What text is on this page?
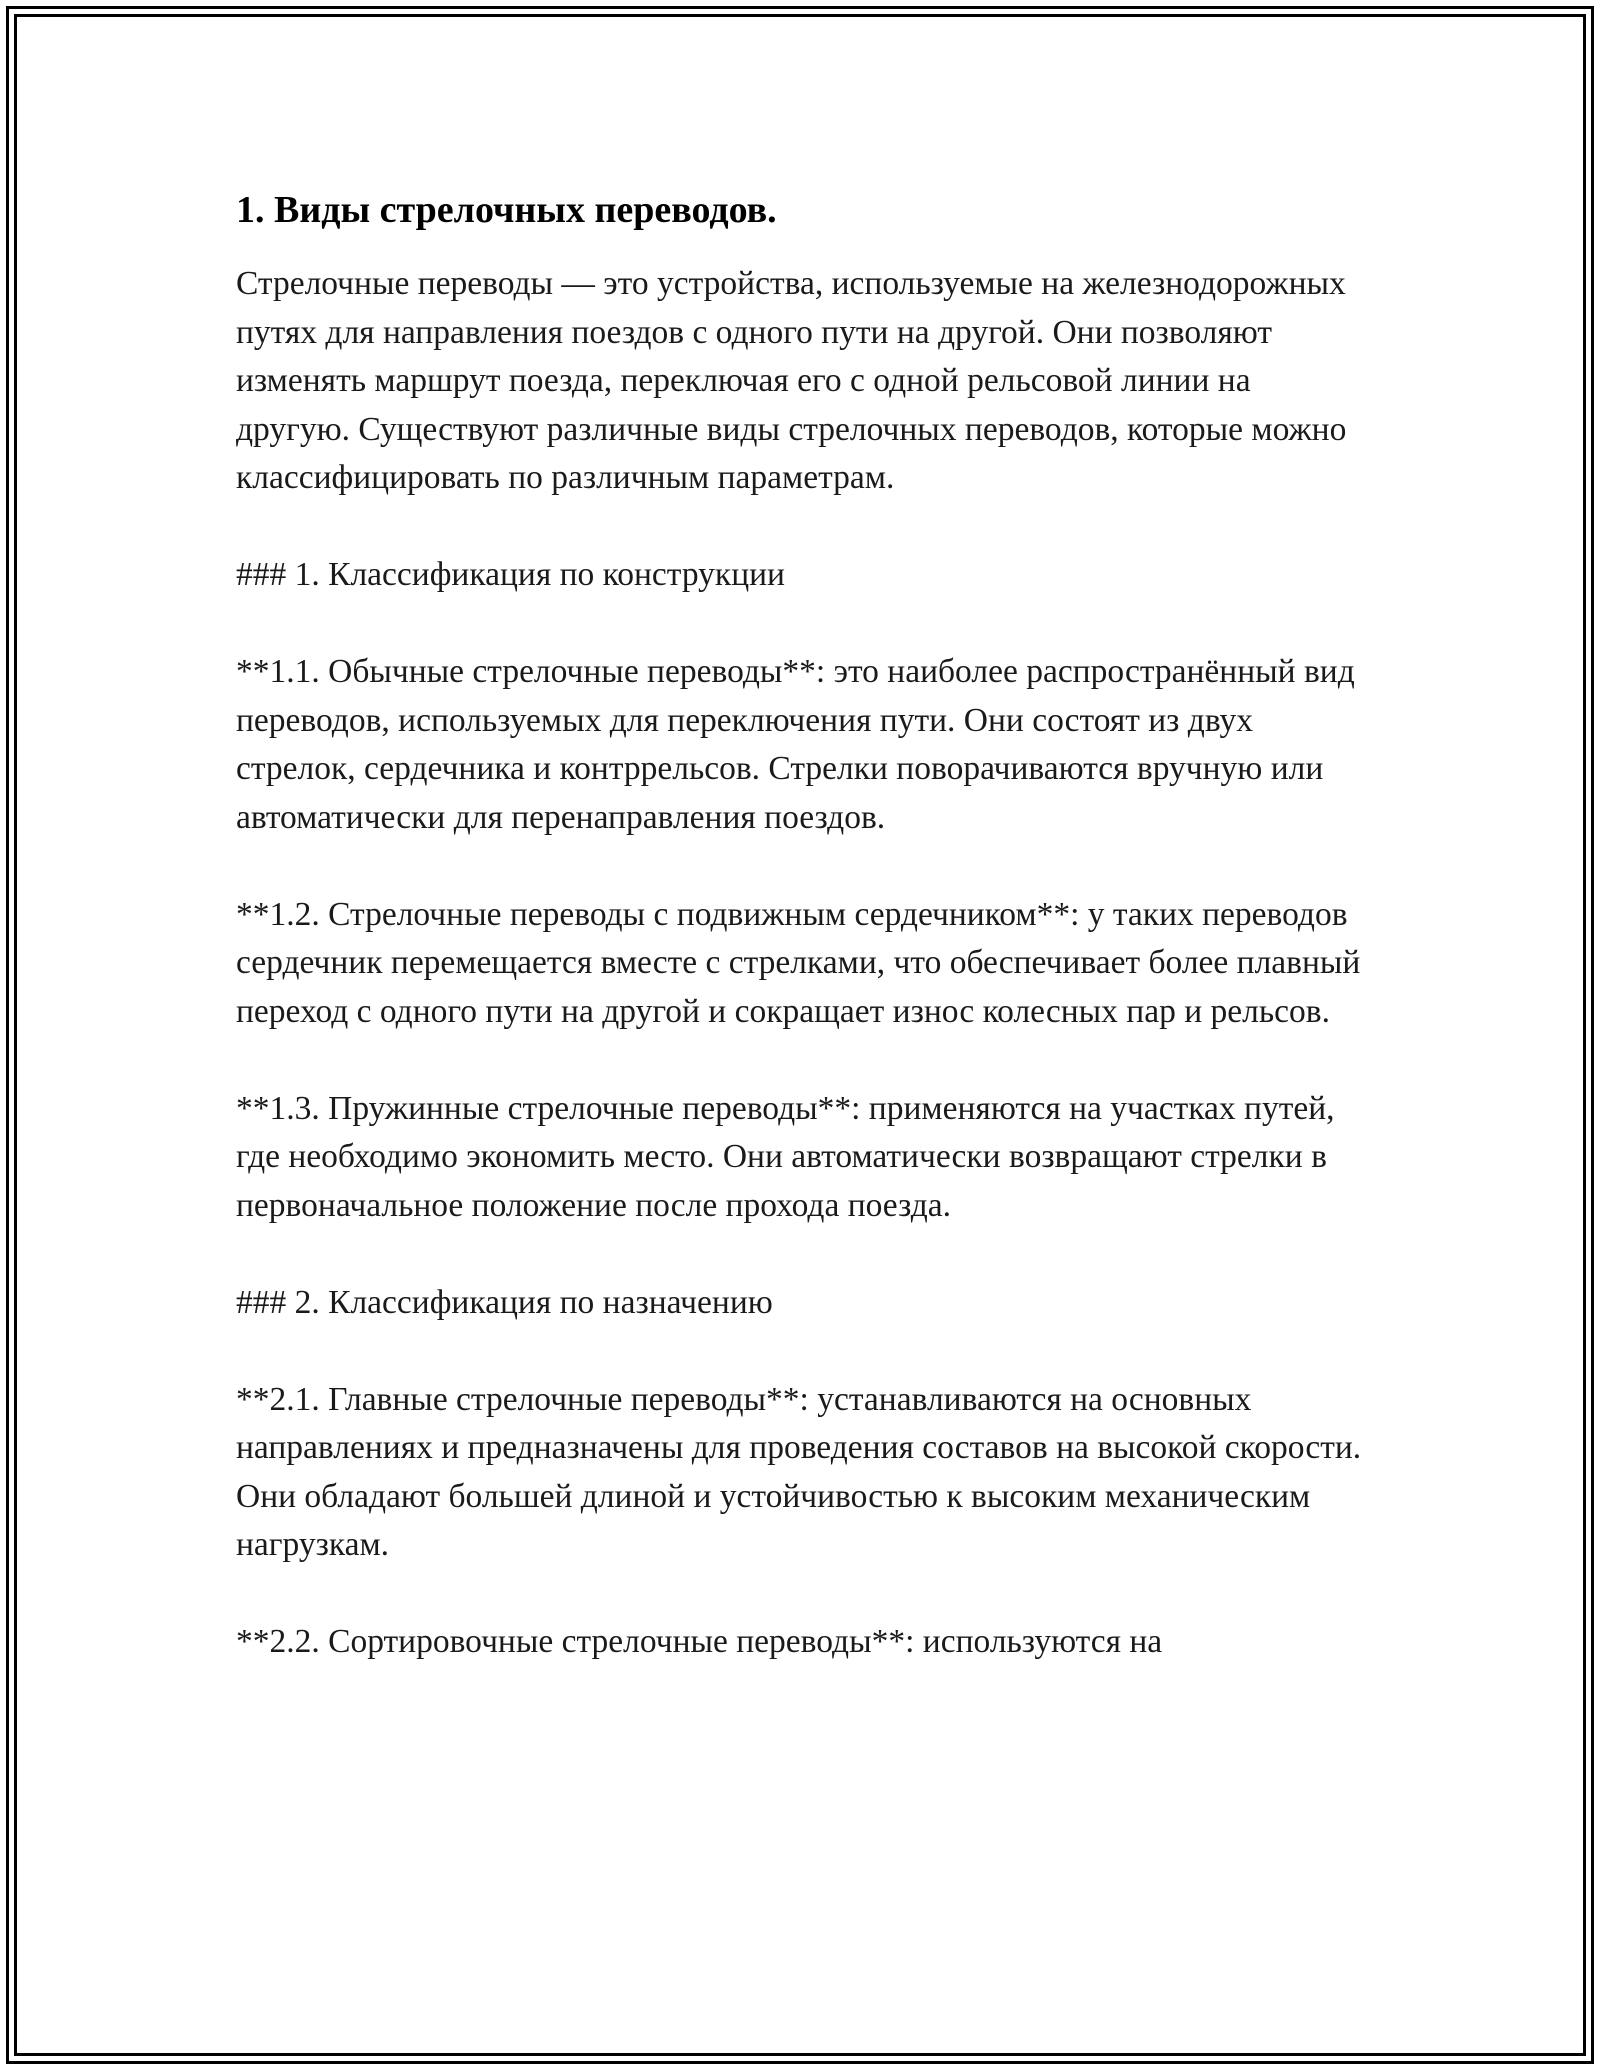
1. Виды стрелочных переводов.
Стрелочные переводы — это устройства, используемые на железнодорожных путях для направления поездов с одного пути на другой. Они позволяют изменять маршрут поезда, переключая его с одной рельсовой линии на другую. Существуют различные виды стрелочных переводов, которые можно классифицировать по различным параметрам.
### 1. Классификация по конструкции
**1.1. Обычные стрелочные переводы**: это наиболее распространённый вид переводов, используемых для переключения пути. Они состоят из двух стрелок, сердечника и контррельсов. Стрелки поворачиваются вручную или автоматически для перенаправления поездов.
**1.2. Стрелочные переводы с подвижным сердечником**: у таких переводов сердечник перемещается вместе с стрелками, что обеспечивает более плавный переход с одного пути на другой и сокращает износ колесных пар и рельсов.
**1.3. Пружинные стрелочные переводы**: применяются на участках путей, где необходимо экономить место. Они автоматически возвращают стрелки в первоначальное положение после прохода поезда.
### 2. Классификация по назначению
**2.1. Главные стрелочные переводы**: устанавливаются на основных направлениях и предназначены для проведения составов на высокой скорости. Они обладают большей длиной и устойчивостью к высоким механическим нагрузкам.
**2.2. Сортировочные стрелочные переводы**: используются на
